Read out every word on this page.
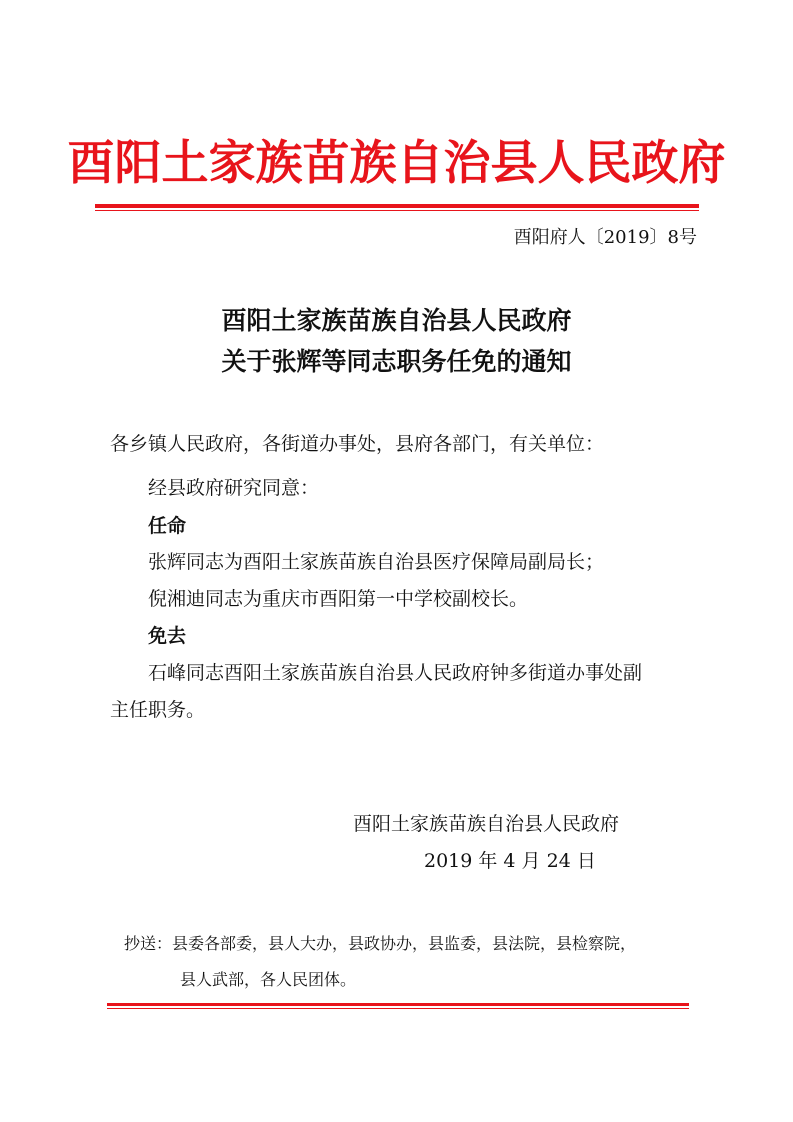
酉阳土家族苗族自治县人民政府
酉阳府人〔2019〕8号
酉阳土家族苗族自治县人民政府
关于张辉等同志职务任免的通知
各乡镇人民政府，各街道办事处，县府各部门，有关单位：
经县政府研究同意：
任命
张辉同志为酉阳土家族苗族自治县医疗保障局副局长；
倪湘迪同志为重庆市酉阳第一中学校副校长。
免去
石峰同志酉阳土家族苗族自治县人民政府钟多街道办事处副
主任职务。
酉阳土家族苗族自治县人民政府
2019 年 4 月 24 日
抄送：县委各部委，县人大办，县政协办，县监委，县法院，县检察院，
县人武部，各人民团体。
